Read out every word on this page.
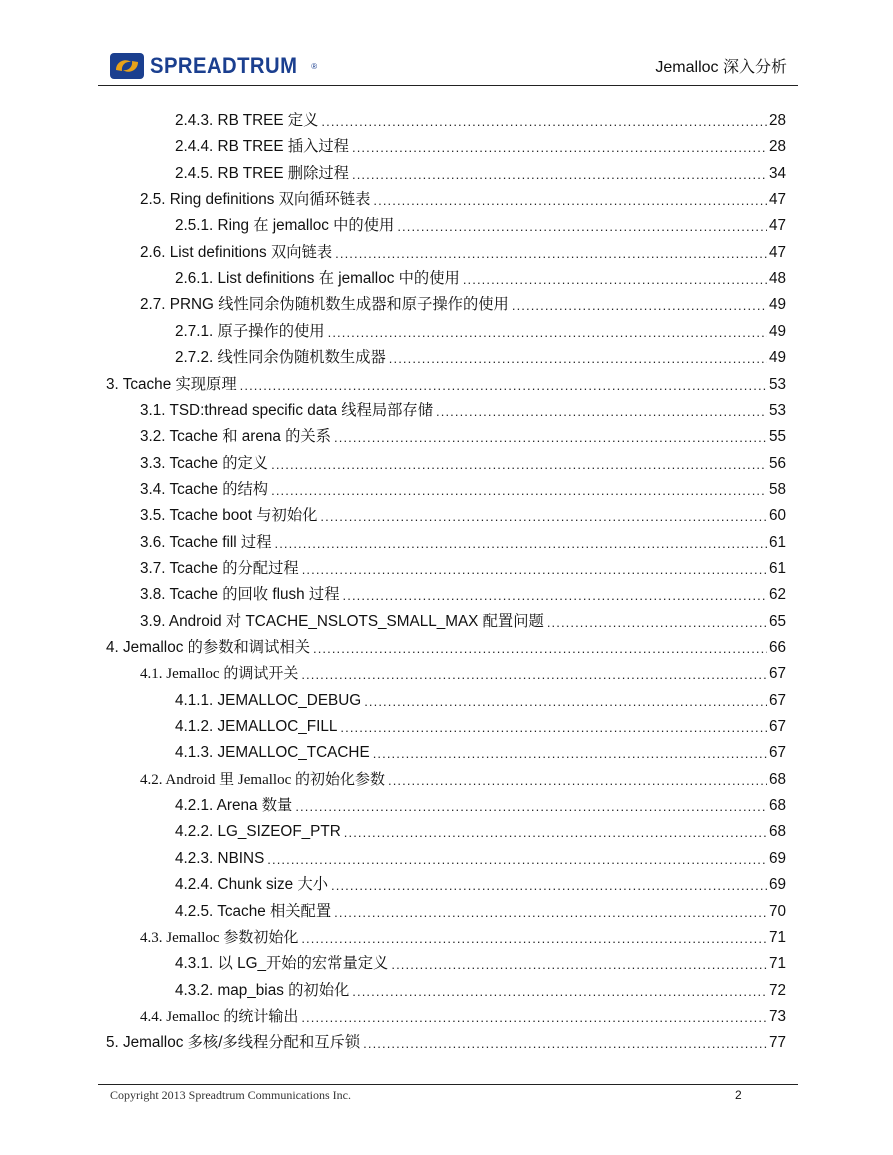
SPREADTRUM ®	Jemalloc 深入分析
2.4.3. RB TREE 定义 .....	28
2.4.4. RB TREE 插入过程 .....	28
2.4.5. RB TREE 删除过程 .....	34
2.5. Ring definitions 双向循环链表 .....	47
2.5.1. Ring 在 jemalloc 中的使用 .....	47
2.6. List definitions 双向链表 .....	47
2.6.1. List definitions 在 jemalloc 中的使用 .....	48
2.7. PRNG 线性同余伪随机数生成器和原子操作的使用 .....	49
2.7.1. 原子操作的使用 .....	49
2.7.2. 线性同余伪随机数生成器 .....	49
3. Tcache 实现原理 .....	53
3.1. TSD:thread specific data 线程局部存储 .....	53
3.2. Tcache 和 arena 的关系 .....	55
3.3. Tcache 的定义 .....	56
3.4. Tcache 的结构 .....	58
3.5. Tcache boot 与初始化 .....	60
3.6. Tcache fill 过程 .....	61
3.7. Tcache 的分配过程 .....	61
3.8. Tcache 的回收 flush 过程 .....	62
3.9. Android 对 TCACHE_NSLOTS_SMALL_MAX 配置问题 .....	65
4. Jemalloc 的参数和调试相关 .....	66
4.1. Jemalloc 的调试开关 .....	67
4.1.1. JEMALLOC_DEBUG .....	67
4.1.2. JEMALLOC_FILL .....	67
4.1.3. JEMALLOC_TCACHE .....	67
4.2. Android 里 Jemalloc 的初始化参数 .....	68
4.2.1. Arena 数量 .....	68
4.2.2. LG_SIZEOF_PTR .....	68
4.2.3. NBINS .....	69
4.2.4. Chunk size 大小 .....	69
4.2.5. Tcache 相关配置 .....	70
4.3. Jemalloc 参数初始化 .....	71
4.3.1. 以 LG_开始的宏常量定义 .....	71
4.3.2. map_bias 的初始化 .....	72
4.4. Jemalloc 的统计输出 .....	73
5. Jemalloc 多核/多线程分配和互斥锁 .....	77
Copyright 2013 Spreadtrum Communications Inc.	2
